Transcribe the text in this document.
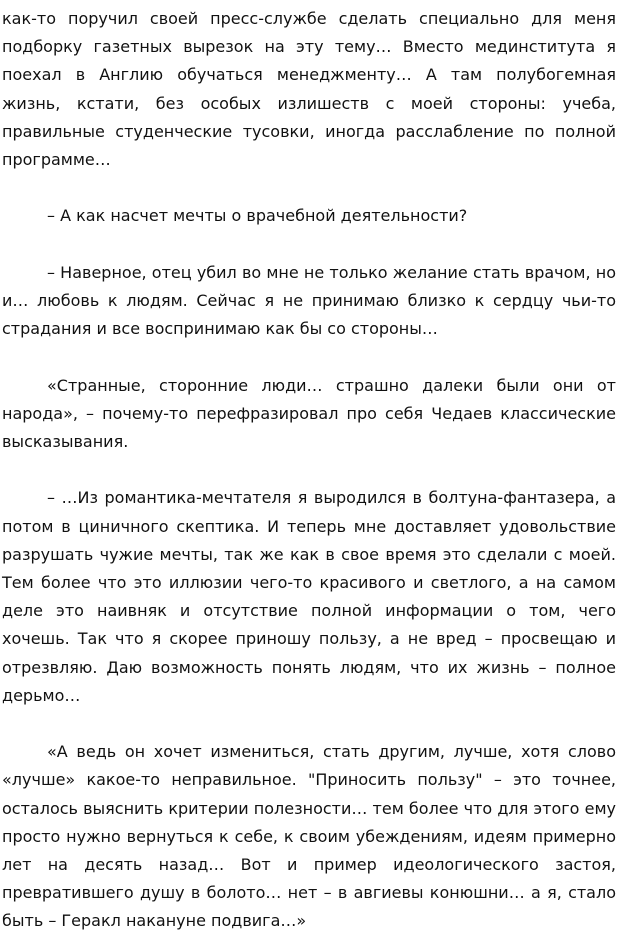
как-то поручил своей пресс-службе сделать специально для меня подборку газетных вырезок на эту тему… Вместо мединститута я поехал в Англию обучаться менеджменту… А там полубогемная жизнь, кстати, без особых излишеств с моей стороны: учеба, правильные студенческие тусовки, иногда расслабление по полной программе…

– А как насчет мечты о врачебной деятельности?

– Наверное, отец убил во мне не только желание стать врачом, но и… любовь к людям. Сейчас я не принимаю близко к сердцу чьи-то страдания и все воспринимаю как бы со стороны…

«Странные, сторонние люди… страшно далеки были они от народа», – почему-то перефразировал про себя Чедаев классические высказывания.

– …Из романтика-мечтателя я выродился в болтуна-фантазера, а потом в циничного скептика. И теперь мне доставляет удовольствие разрушать чужие мечты, так же как в свое время это сделали с моей. Тем более что это иллюзии чего-то красивого и светлого, а на самом деле это наивняк и отсутствие полной информации о том, чего хочешь. Так что я скорее приношу пользу, а не вред – просвещаю и отрезвляю. Даю возможность понять людям, что их жизнь – полное дерьмо…

«А ведь он хочет измениться, стать другим, лучше, хотя слово «лучше» какое-то неправильное. "Приносить пользу" – это точнее, осталось выяснить критерии полезности… тем более что для этого ему просто нужно вернуться к себе, к своим убеждениям, идеям примерно лет на десять назад… Вот и пример идеологического застоя, превратившего душу в болото… нет – в авгиевы конюшни… а я, стало быть – Геракл накануне подвига…»
